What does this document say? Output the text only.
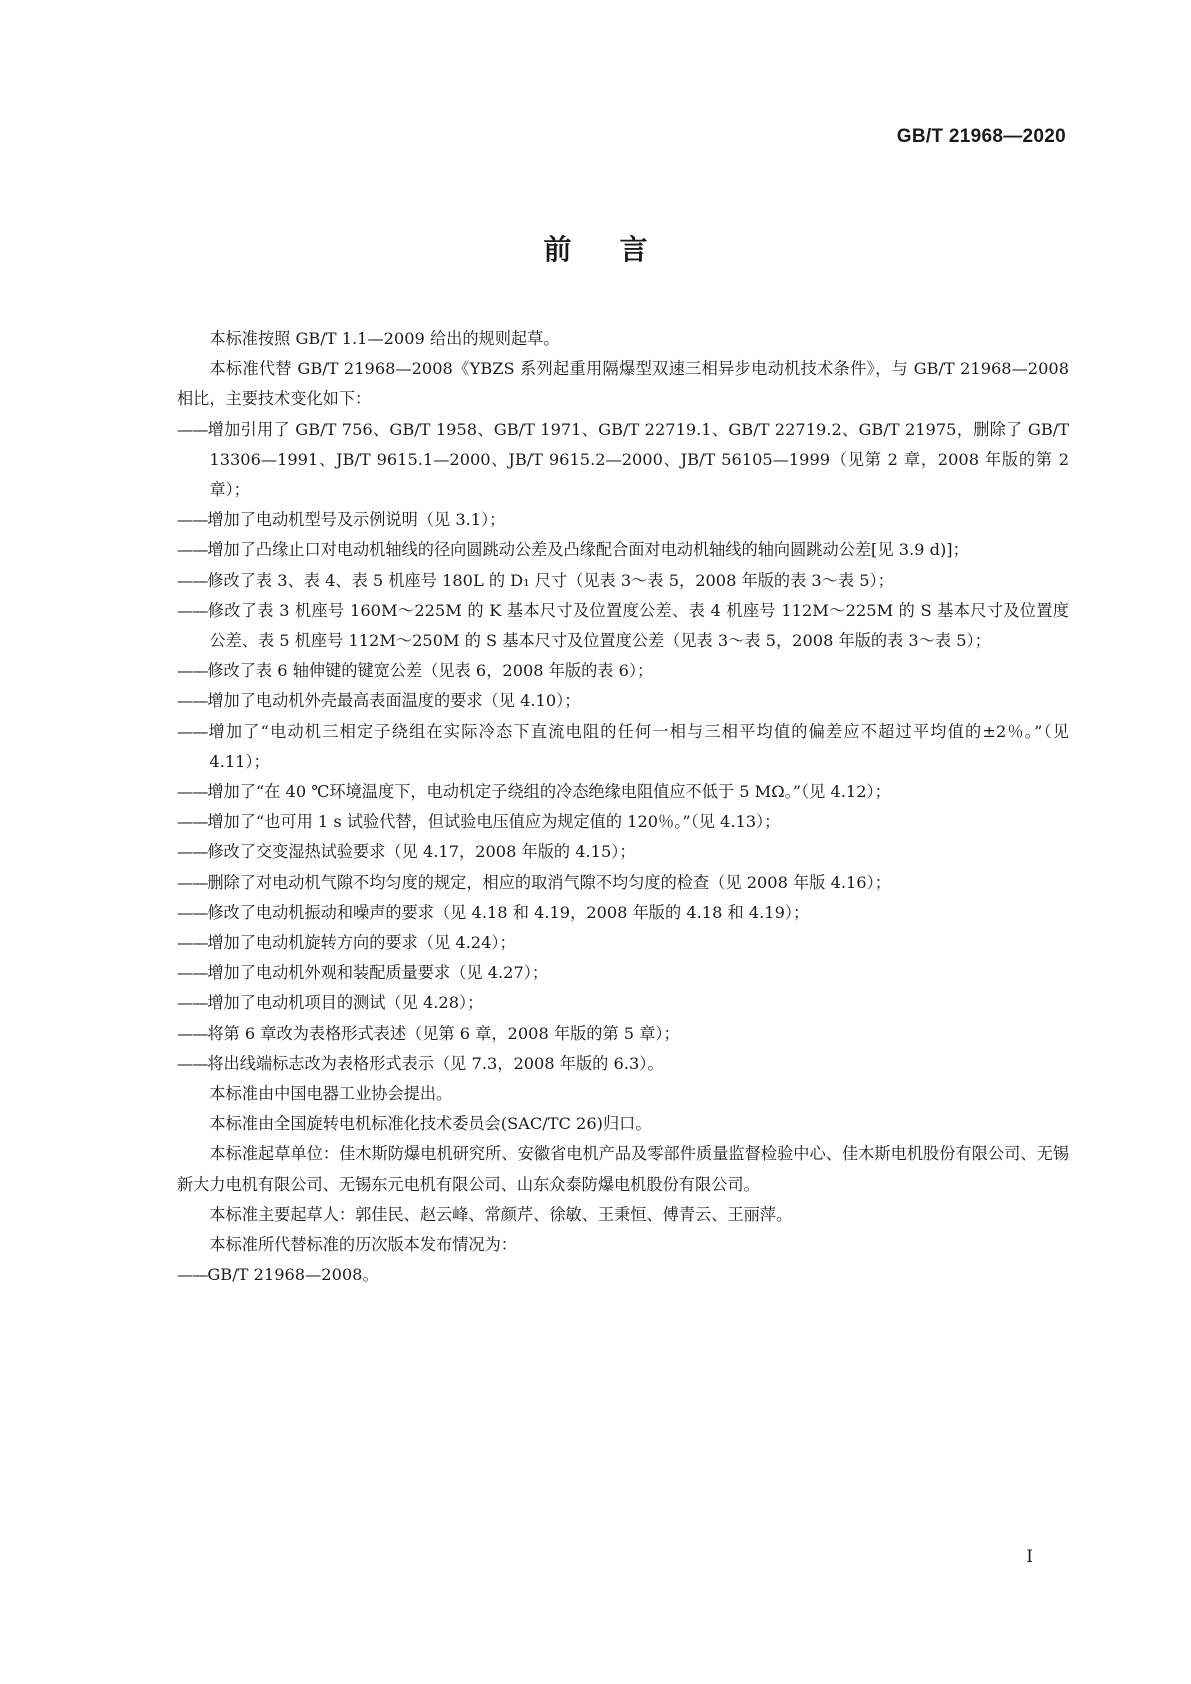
GB/T 21968—2020
前言

本标准按照 GB/T 1.1—2009 给出的规则起草。

本标准代替 GB/T 21968—2008《YBZS 系列起重用隔爆型双速三相异步电动机技术条件》，与 GB/T 21968—2008 相比，主要技术变化如下：

——增加引用了 GB/T 756、GB/T 1958、GB/T 1971、GB/T 22719.1、GB/T 22719.2、GB/T 21975，删除了 GB/T 13306—1991、JB/T 9615.1—2000、JB/T 9615.2—2000、JB/T 56105—1999（见第 2 章，2008 年版的第 2 章）；

——增加了电动机型号及示例说明（见 3.1）；

——增加了凸缘止口对电动机轴线的径向圆跳动公差及凸缘配合面对电动机轴线的轴向圆跳动公差[见 3.9 d)]；

——修改了表 3、表 4、表 5 机座号 180L 的 D₁ 尺寸（见表 3～表 5，2008 年版的表 3～表 5）；

——修改了表 3 机座号 160M～225M 的 K 基本尺寸及位置度公差、表 4 机座号 112M～225M 的 S 基本尺寸及位置度公差、表 5 机座号 112M～250M 的 S 基本尺寸及位置度公差（见表 3～表 5，2008 年版的表 3～表 5）；

——修改了表 6 轴伸键的键宽公差（见表 6，2008 年版的表 6）；

——增加了电动机外壳最高表面温度的要求（见 4.10）；

——增加了“电动机三相定子绕组在实际冷态下直流电阻的任何一相与三相平均值的偏差应不超过平均值的±2％。”（见 4.11）；

——增加了“在 40 ℃环境温度下，电动机定子绕组的冷态绝缘电阻值应不低于 5 MΩ。”（见 4.12）；

——增加了“也可用 1 s 试验代替，但试验电压值应为规定值的 120％。”（见 4.13）；

——修改了交变湿热试验要求（见 4.17，2008 年版的 4.15）；

——删除了对电动机气隙不均匀度的规定，相应的取消气隙不均匀度的检查（见 2008 年版 4.16）；

——修改了电动机振动和噪声的要求（见 4.18 和 4.19，2008 年版的 4.18 和 4.19）；

——增加了电动机旋转方向的要求（见 4.24）；

——增加了电动机外观和装配质量要求（见 4.27）；

——增加了电动机项目的测试（见 4.28）；

——将第 6 章改为表格形式表述（见第 6 章，2008 年版的第 5 章）；

——将出线端标志改为表格形式表示（见 7.3，2008 年版的 6.3）。

本标准由中国电器工业协会提出。

本标准由全国旋转电机标准化技术委员会(SAC/TC 26)归口。

本标准起草单位：佳木斯防爆电机研究所、安徽省电机产品及零部件质量监督检验中心、佳木斯电机股份有限公司、无锡新大力电机有限公司、无锡东元电机有限公司、山东众泰防爆电机股份有限公司。

本标准主要起草人：郭佳民、赵云峰、常颜芹、徐敏、王秉恒、傅青云、王丽萍。

本标准所代替标准的历次版本发布情况为：

——GB/T 21968—2008。

I
